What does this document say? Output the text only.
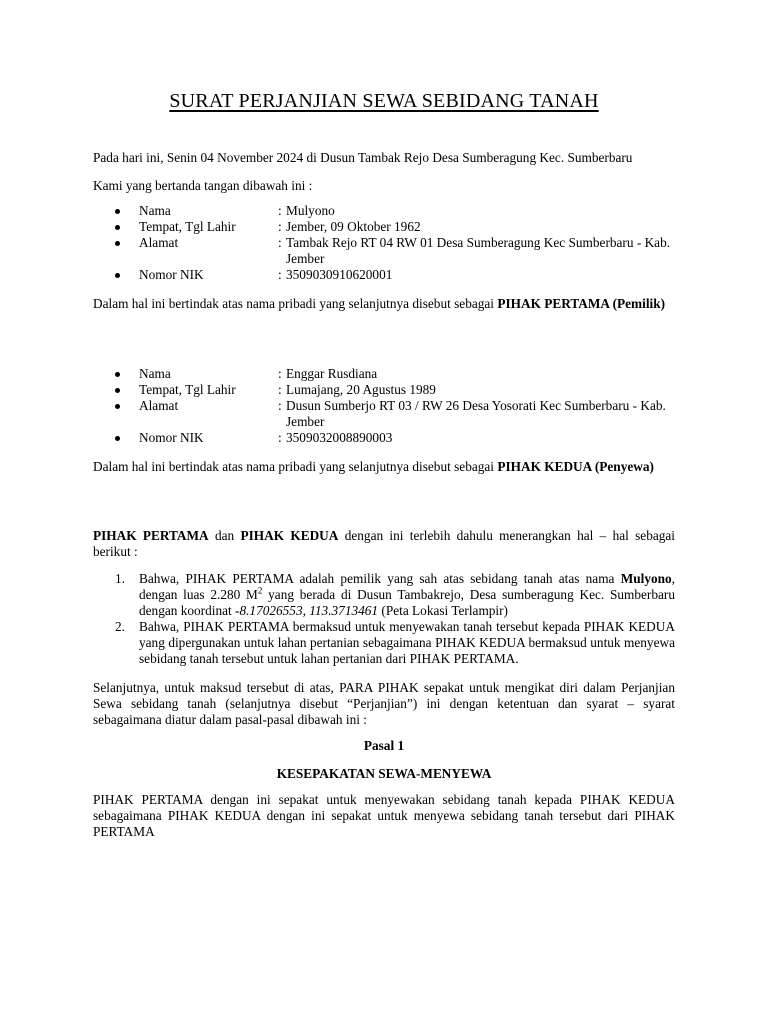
SURAT PERJANJIAN SEWA SEBIDANG TANAH
Pada hari ini, Senin 04 November 2024 di Dusun Tambak Rejo Desa Sumberagung Kec. Sumberbaru
Kami yang bertanda tangan dibawah ini :
Nama	: Mulyono
Tempat, Tgl Lahir	: Jember, 09 Oktober 1962
Alamat	: Tambak Rejo RT 04 RW 01 Desa Sumberagung Kec Sumberbaru - Kab. Jember
Nomor NIK	: 3509030910620001
Dalam hal ini bertindak atas nama pribadi yang selanjutnya disebut sebagai PIHAK PERTAMA (Pemilik)
Nama	: Enggar Rusdiana
Tempat, Tgl Lahir	: Lumajang, 20 Agustus 1989
Alamat	: Dusun Sumberjo RT 03 / RW 26 Desa Yosorati Kec Sumberbaru - Kab. Jember
Nomor NIK	: 3509032008890003
Dalam hal ini bertindak atas nama pribadi yang selanjutnya disebut sebagai PIHAK KEDUA (Penyewa)
PIHAK PERTAMA dan PIHAK KEDUA dengan ini terlebih dahulu menerangkan hal – hal sebagai berikut :
1. Bahwa, PIHAK PERTAMA adalah pemilik yang sah atas sebidang tanah atas nama Mulyono, dengan luas 2.280 $M^2$ yang berada di Dusun Tambakrejo, Desa sumberagung Kec. Sumberbaru dengan koordinat -8.17026553, 113.3713461 (Peta Lokasi Terlampir)
2. Bahwa, PIHAK PERTAMA bermaksud untuk menyewakan tanah tersebut kepada PIHAK KEDUA yang dipergunakan untuk lahan pertanian sebagaimana PIHAK KEDUA bermaksud untuk menyewa sebidang tanah tersebut untuk lahan pertanian dari PIHAK PERTAMA.
Selanjutnya, untuk maksud tersebut di atas, PARA PIHAK sepakat untuk mengikat diri dalam Perjanjian Sewa sebidang tanah (selanjutnya disebut “Perjanjian”) ini dengan ketentuan dan syarat – syarat sebagaimana diatur dalam pasal-pasal dibawah ini :
Pasal 1
KESEPAKATAN SEWA-MENYEWA
PIHAK PERTAMA dengan ini sepakat untuk menyewakan sebidang tanah kepada PIHAK KEDUA sebagaimana PIHAK KEDUA dengan ini sepakat untuk menyewa sebidang tanah tersebut dari PIHAK PERTAMA
